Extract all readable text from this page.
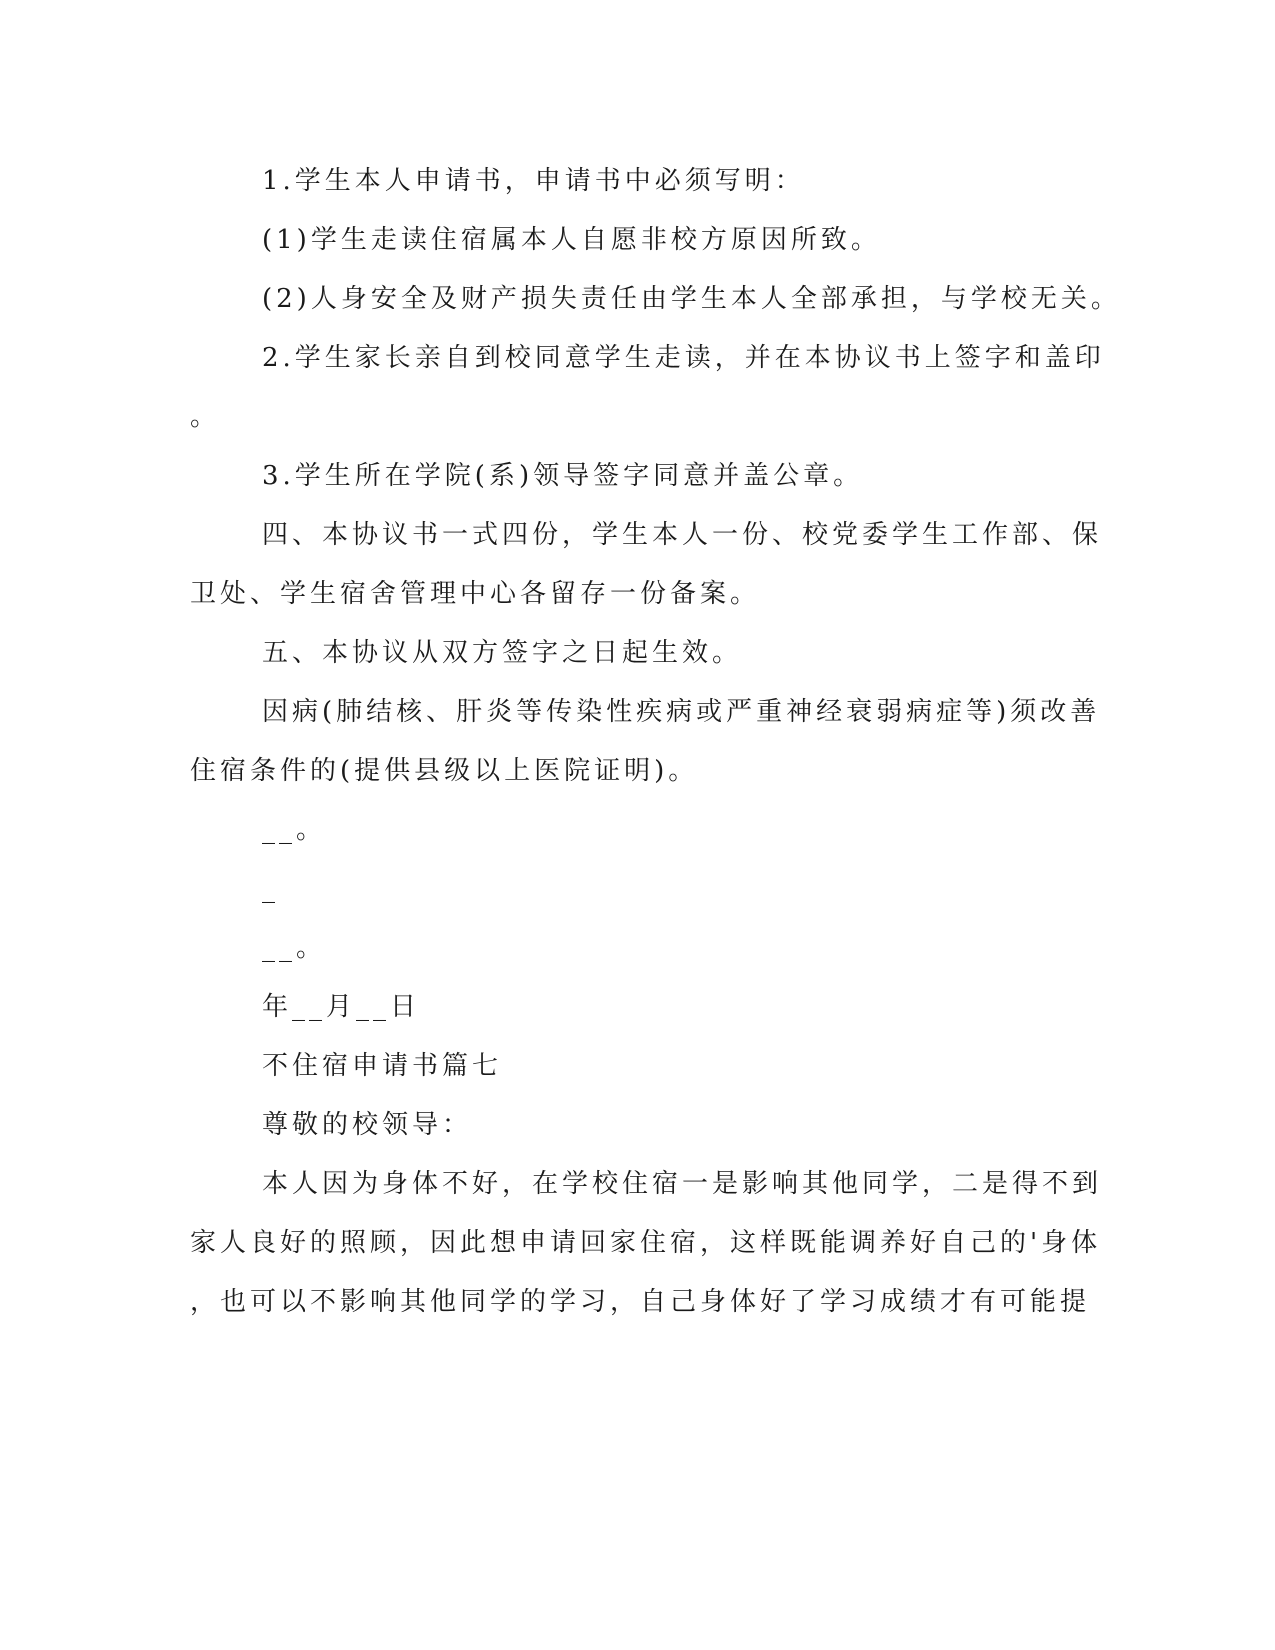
1.学生本人申请书，申请书中必须写明：
(1)学生走读住宿属本人自愿非校方原因所致。
(2)人身安全及财产损失责任由学生本人全部承担，与学校无关。
2.学生家长亲自到校同意学生走读，并在本协议书上签字和盖印
。
3.学生所在学院(系)领导签字同意并盖公章。
四、本协议书一式四份，学生本人一份、校党委学生工作部、保
卫处、学生宿舍管理中心各留存一份备案。
五、本协议从双方签字之日起生效。
因病(肺结核、肝炎等传染性疾病或严重神经衰弱病症等)须改善
住宿条件的(提供县级以上医院证明)。
__。
_
__。
年__月__日
不住宿申请书篇七
尊敬的校领导：
本人因为身体不好，在学校住宿一是影响其他同学，二是得不到
家人良好的照顾，因此想申请回家住宿，这样既能调养好自己的'身体
，也可以不影响其他同学的学习，自己身体好了学习成绩才有可能提
